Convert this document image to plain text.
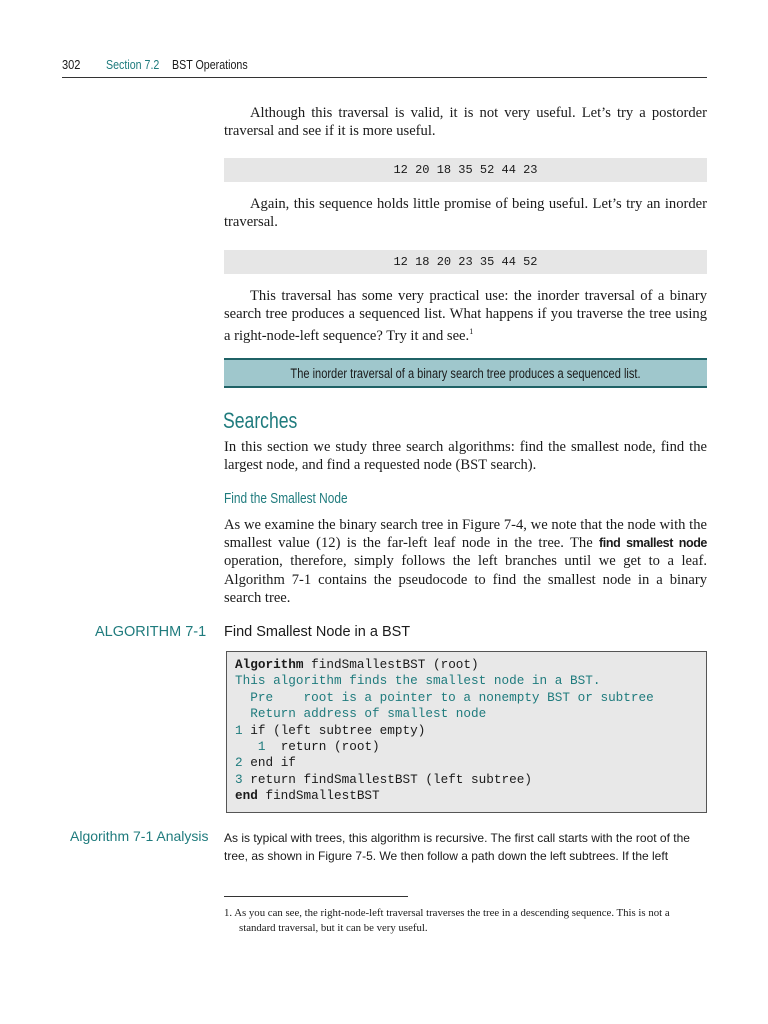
302 Section 7.2 BST Operations
Although this traversal is valid, it is not very useful. Let’s try a postorder traversal and see if it is more useful.
12 20 18 35 52 44 23
Again, this sequence holds little promise of being useful. Let’s try an inorder traversal.
12 18 20 23 35 44 52
This traversal has some very practical use: the inorder traversal of a binary search tree produces a sequenced list. What happens if you traverse the tree using a right-node-left sequence? Try it and see.$^1$
The inorder traversal of a binary search tree produces a sequenced list.
Searches
In this section we study three search algorithms: find the smallest node, find the largest node, and find a requested node (BST search).
Find the Smallest Node
As we examine the binary search tree in Figure 7-4, we note that the node with the smallest value (12) is the far-left leaf node in the tree. The find smallest node operation, therefore, simply follows the left branches until we get to a leaf. Algorithm 7-1 contains the pseudocode to find the smallest node in a binary search tree.
ALGORITHM 7-1 Find Smallest Node in a BST
Algorithm findSmallestBST (root)
This algorithm finds the smallest node in a BST.
Pre    root is a pointer to a nonempty BST or subtree
Return address of smallest node
1 if (left subtree empty)
1  return (root)
2 end if
3 return findSmallestBST (left subtree)
end findSmallestBST
Algorithm 7-1 Analysis As is typical with trees, this algorithm is recursive. The first call starts with the root of the tree, as shown in Figure 7-5. We then follow a path down the left subtrees. If the left
1. As you can see, the right-node-left traversal traverses the tree in a descending sequence. This is not a
standard traversal, but it can be very useful.
